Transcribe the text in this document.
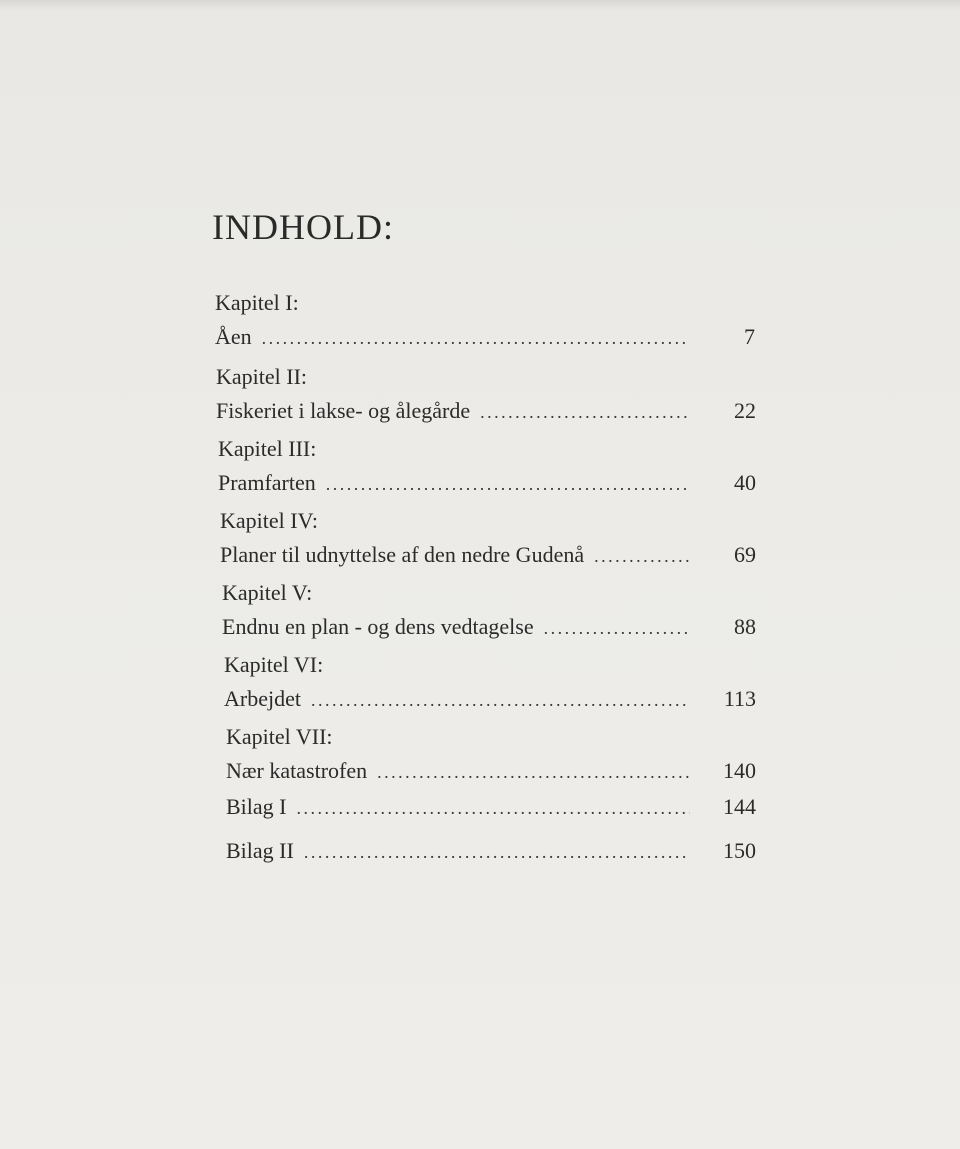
INDHOLD:
Kapitel I:
Åen . . .	7
Kapitel II:
Fiskeriet i lakse- og ålegårde . . .	22
Kapitel III:
Pramfarten . . .	40
Kapitel IV:
Planer til udnyttelse af den nedre Gudenå . . .	69
Kapitel V:
Endnu en plan - og dens vedtagelse . . .	88
Kapitel VI:
Arbejdet . . .	113
Kapitel VII:
Nær katastrofen . . .	140
Bilag I . . .	144
Bilag II . . .	150
